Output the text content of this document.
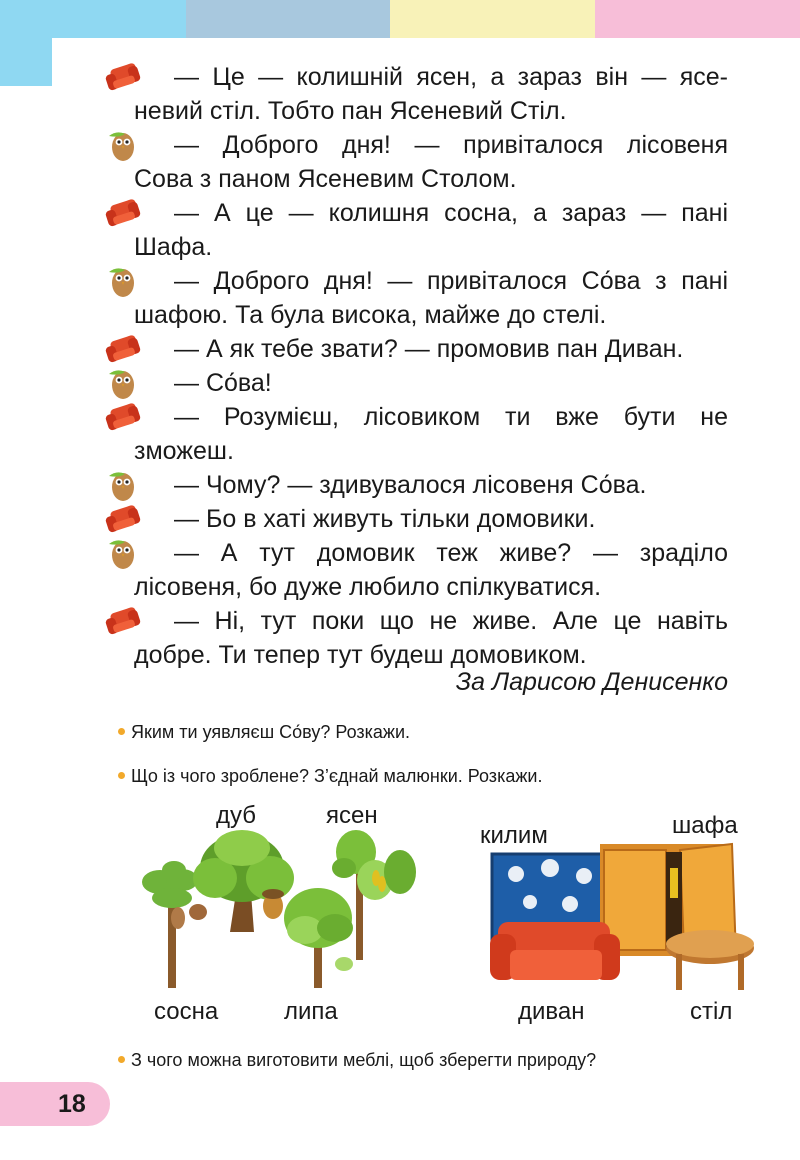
— Це — колишній ясен, а зараз він — ясе-
невий стіл. Тобто пан Ясеневий Стіл.
— Доброго дня! — привіталося лісовеня
Сова з паном Ясеневим Столом.
— А це — колишня сосна, а зараз — пані
Шафа.
— Доброго дня! — привіталося Со́ва з пані
шафою. Та була висока, майже до стелі.
— А як тебе звати? — промовив пан Диван.
— Со́ва!
— Розумієш, лісовиком ти вже бути не
зможеш.
— Чому? — здивувалося лісовеня Со́ва.
— Бо в хаті живуть тільки домовики.
— А тут домовик теж живе? — зраділо
лісовеня, бо дуже любило спілкуватися.
— Ні, тут поки що не живе. Але це навіть
добре. Ти тепер тут будеш домовиком.
За Ларисою Денисенко
Яким ти уявляєш Со́ву? Розкажи.
Що із чого зроблене? З’єднай малюнки. Розкажи.
дуб	ясен
сосна	липа
килим	шафа
диван	стіл
З чого можна виготовити меблі, щоб зберегти природу?
18
